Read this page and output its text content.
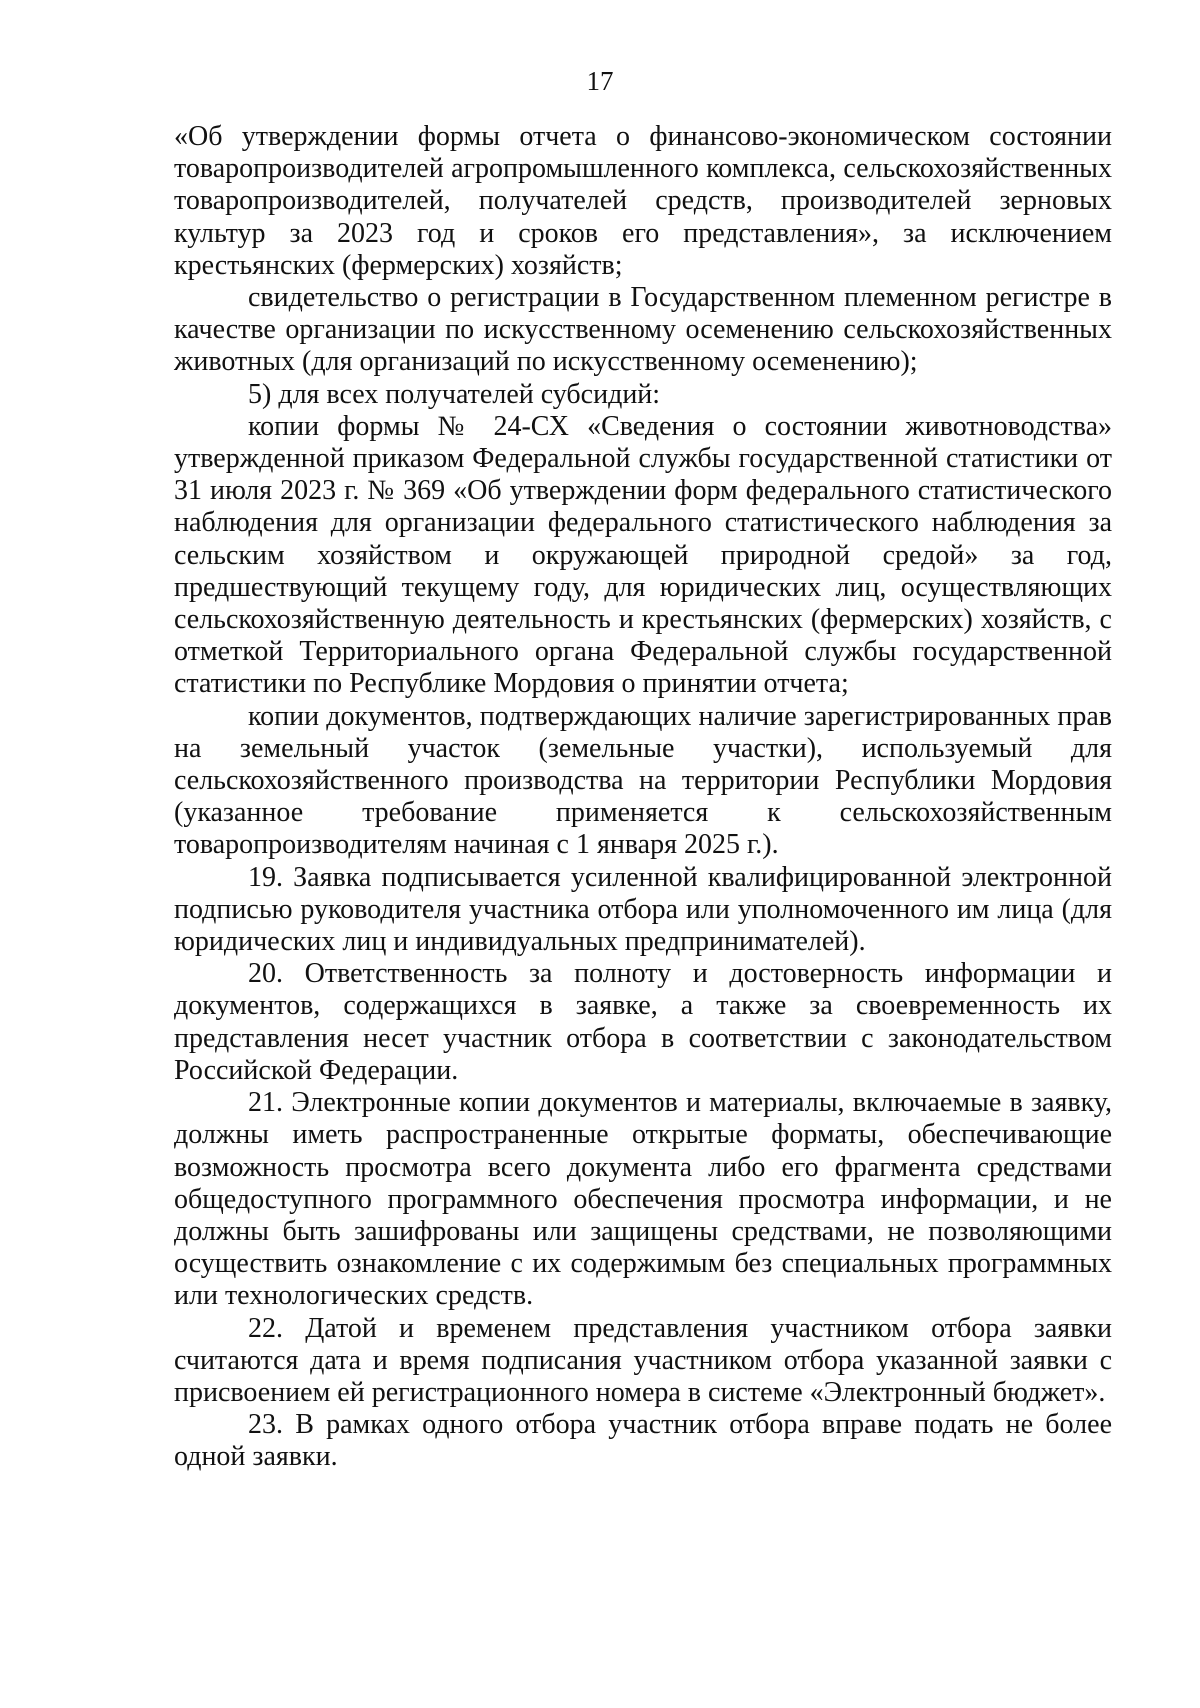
17

«Об утверждении формы отчета о финансово-экономическом состоянии товаропроизводителей агропромышленного комплекса, сельскохозяйственных товаропроизводителей, получателей средств, производителей зерновых культур за 2023 год и сроков его представления», за исключением крестьянских (фермерских) хозяйств;

свидетельство о регистрации в Государственном племенном регистре в качестве организации по искусственному осеменению сельскохозяйственных животных (для организаций по искусственному осеменению);

5) для всех получателей субсидий:

копии формы № 24-СХ «Сведения о состоянии животноводства» утвержденной приказом Федеральной службы государственной статистики от 31 июля 2023 г. № 369 «Об утверждении форм федерального статистического наблюдения для организации федерального статистического наблюдения за сельским хозяйством и окружающей природной средой» за год, предшествующий текущему году, для юридических лиц, осуществляющих сельскохозяйственную деятельность и крестьянских (фермерских) хозяйств, с отметкой Территориального органа Федеральной службы государственной статистики по Республике Мордовия о принятии отчета;

копии документов, подтверждающих наличие зарегистрированных прав на земельный участок (земельные участки), используемый для сельскохозяйственного производства на территории Республики Мордовия (указанное требование применяется к сельскохозяйственным товаропроизводителям начиная с 1 января 2025 г.).

19. Заявка подписывается усиленной квалифицированной электронной подписью руководителя участника отбора или уполномоченного им лица (для юридических лиц и индивидуальных предпринимателей).

20. Ответственность за полноту и достоверность информации и документов, содержащихся в заявке, а также за своевременность их представления несет участник отбора в соответствии с законодательством Российской Федерации.

21. Электронные копии документов и материалы, включаемые в заявку, должны иметь распространенные открытые форматы, обеспечивающие возможность просмотра всего документа либо его фрагмента средствами общедоступного программного обеспечения просмотра информации, и не должны быть зашифрованы или защищены средствами, не позволяющими осуществить ознакомление с их содержимым без специальных программных или технологических средств.

22. Датой и временем представления участником отбора заявки считаются дата и время подписания участником отбора указанной заявки с присвоением ей регистрационного номера в системе «Электронный бюджет».

23. В рамках одного отбора участник отбора вправе подать не более одной заявки.
